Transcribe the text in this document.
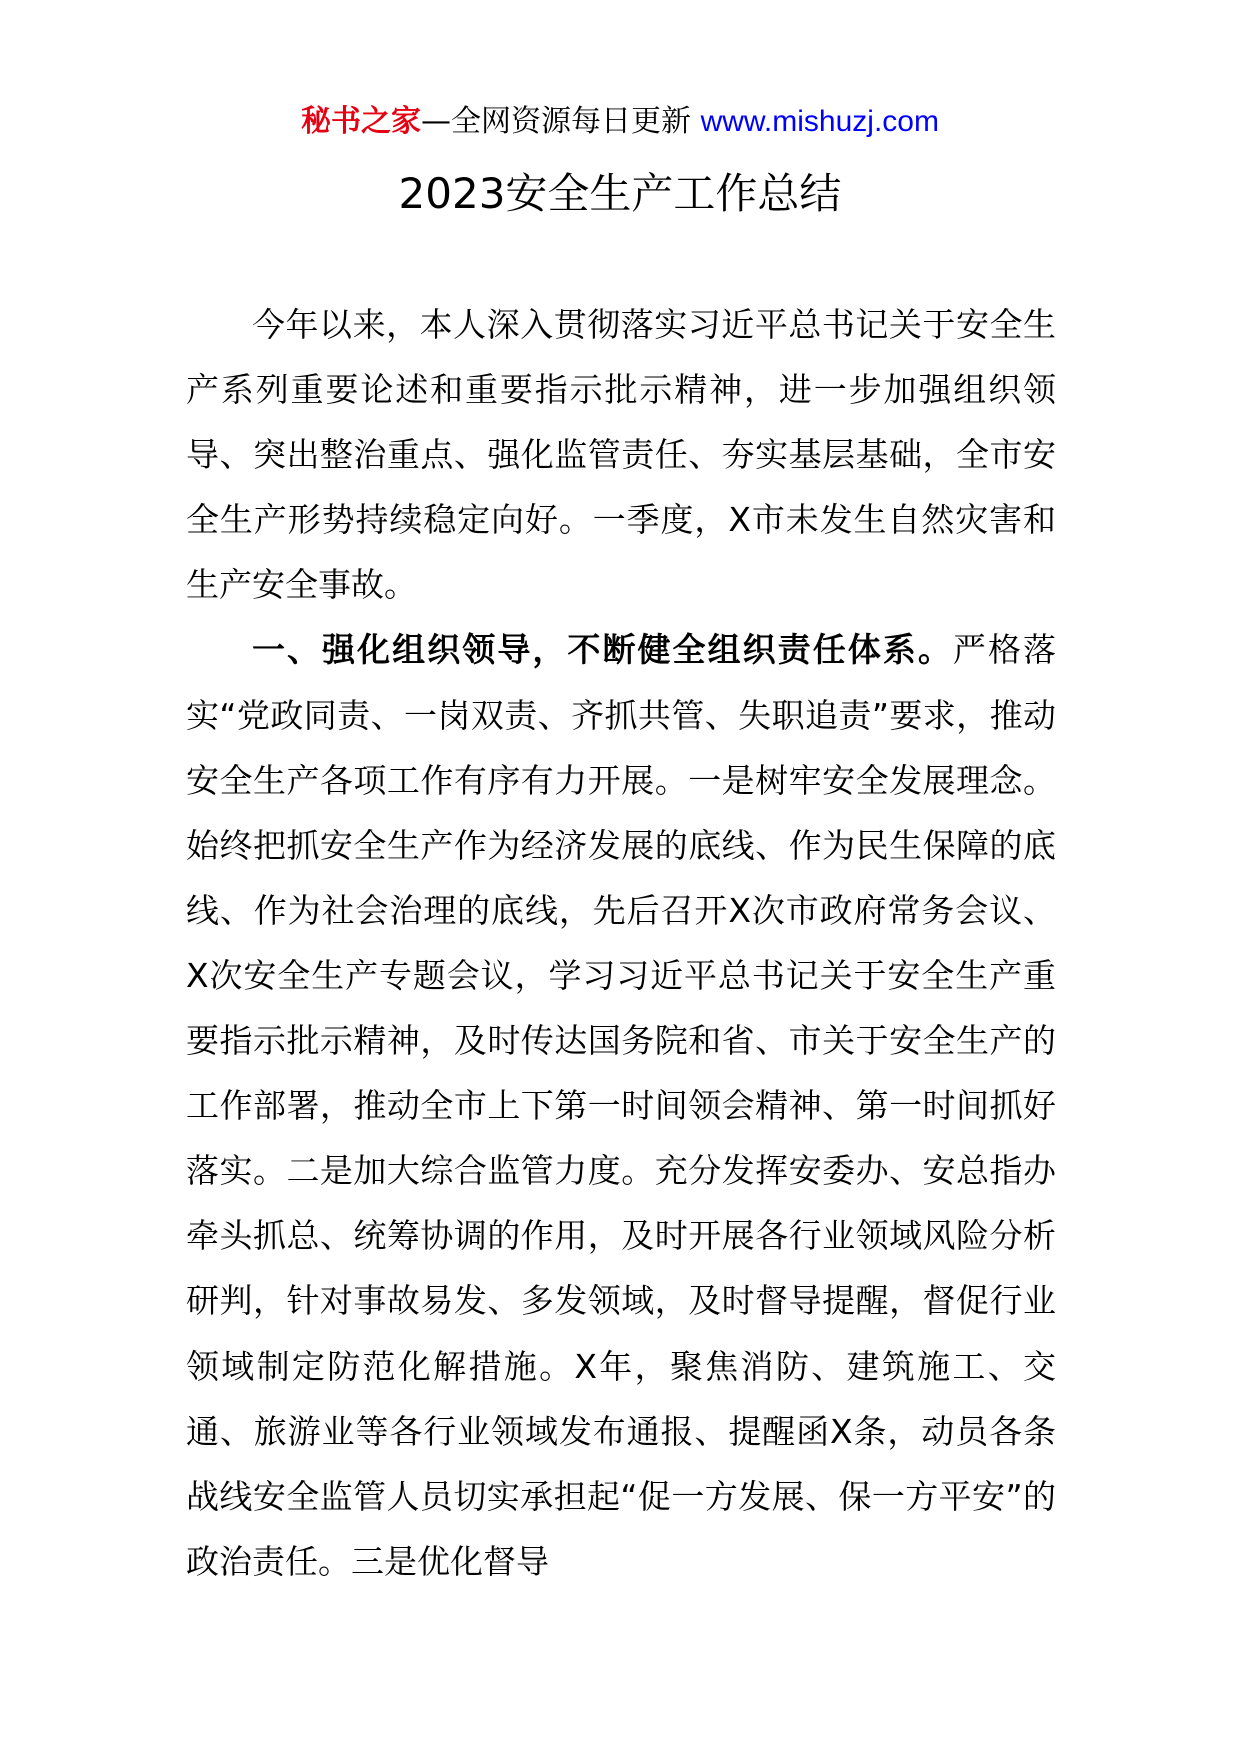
秘书之家—全网资源每日更新 www.mishuzj.com
2023安全生产工作总结

今年以来，本人深入贯彻落实习近平总书记关于安全生产系列重要论述和重要指示批示精神，进一步加强组织领导、突出整治重点、强化监管责任、夯实基层基础，全市安全生产形势持续稳定向好。一季度，X市未发生自然灾害和生产安全事故。

一、强化组织领导，不断健全组织责任体系。严格落实“党政同责、一岗双责、齐抓共管、失职追责”要求，推动安全生产各项工作有序有力开展。一是树牢安全发展理念。始终把抓安全生产作为经济发展的底线、作为民生保障的底线、作为社会治理的底线，先后召开X次市政府常务会议、X次安全生产专题会议，学习习近平总书记关于安全生产重要指示批示精神，及时传达国务院和省、市关于安全生产的工作部署，推动全市上下第一时间领会精神、第一时间抓好落实。二是加大综合监管力度。充分发挥安委办、安总指办牵头抓总、统筹协调的作用，及时开展各行业领域风险分析研判，针对事故易发、多发领域，及时督导提醒，督促行业领域制定防范化解措施。X年，聚焦消防、建筑施工、交通、旅游业等各行业领域发布通报、提醒函X条，动员各条战线安全监管人员切实承担起“促一方发展、保一方平安”的政治责任。三是优化督导
